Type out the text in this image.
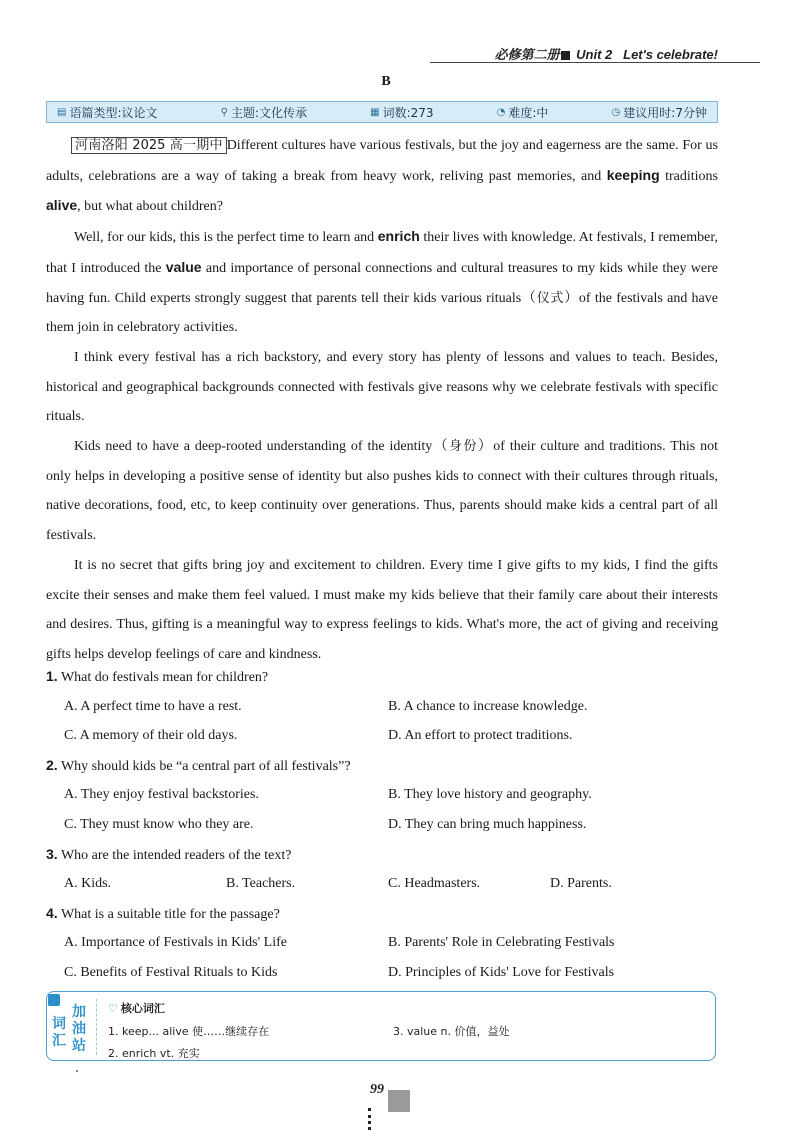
必修第二册 Unit 2 Let's celebrate!
B
▤ 语篇类型:议论文	⚲ 主题:文化传承	▦ 词数:273	◔ 难度:中	◷ 建议用时:7分钟

河南洛阳 2025 高一期中 Different cultures have various festivals, but the joy and eagerness are the same. For us adults, celebrations are a way of taking a break from heavy work, reliving past memories, and keeping traditions alive, but what about children?

Well, for our kids, this is the perfect time to learn and enrich their lives with knowledge. At festivals, I remember, that I introduced the value and importance of personal connections and cultural treasures to my kids while they were having fun. Child experts strongly suggest that parents tell their kids various rituals（仪式）of the festivals and have them join in celebratory activities.

I think every festival has a rich backstory, and every story has plenty of lessons and values to teach. Besides, historical and geographical backgrounds connected with festivals give reasons why we celebrate festivals with specific rituals.

Kids need to have a deep-rooted understanding of the identity（身份）of their culture and traditions. This not only helps in developing a positive sense of identity but also pushes kids to connect with their cultures through rituals, native decorations, food, etc, to keep continuity over generations. Thus, parents should make kids a central part of all festivals.

It is no secret that gifts bring joy and excitement to children. Every time I give gifts to my kids, I find the gifts excite their senses and make them feel valued. I must make my kids believe that their family care about their interests and desires. Thus, gifting is a meaningful way to express feelings to kids. What's more, the act of giving and receiving gifts helps develop feelings of care and kindness.

1. What do festivals mean for children?
A. A perfect time to have a rest.	B. A chance to increase knowledge.
C. A memory of their old days.	D. An effort to protect traditions.
2. Why should kids be “a central part of all festivals”?
A. They enjoy festival backstories.	B. They love history and geography.
C. They must know who they are.	D. They can bring much happiness.
3. Who are the intended readers of the text?
A. Kids.	B. Teachers.	C. Headmasters.	D. Parents.
4. What is a suitable title for the passage?
A. Importance of Festivals in Kids' Life	B. Parents' Role in Celebrating Festivals
C. Benefits of Festival Rituals to Kids	D. Principles of Kids' Love for Festivals
词汇
加油站
♡ 核心词汇
1. keep... alive 使……继续存在
2. enrich vt. 充实
3. value n. 价值，益处
99
